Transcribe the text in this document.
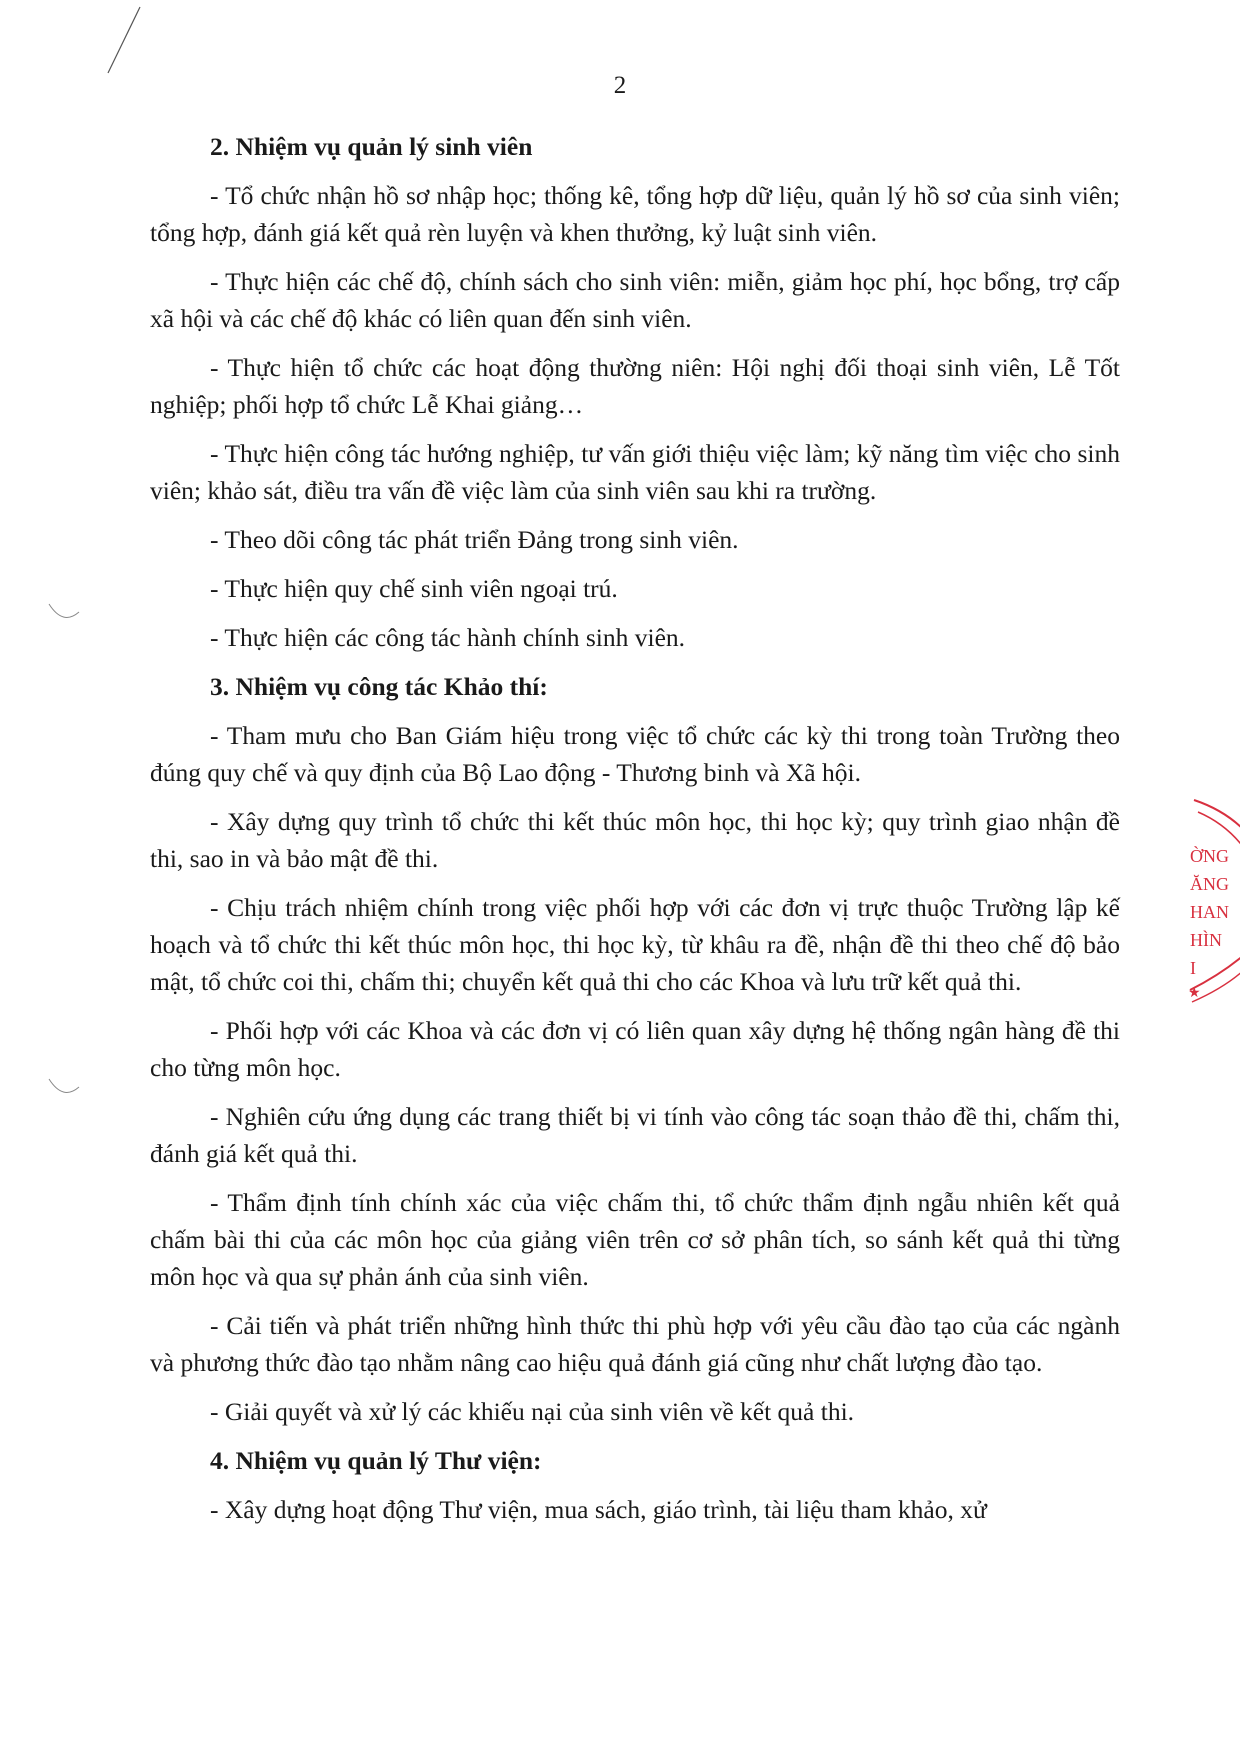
2
2. Nhiệm vụ quản lý sinh viên

- Tổ chức nhận hồ sơ nhập học; thống kê, tổng hợp dữ liệu, quản lý hồ sơ của sinh viên; tổng hợp, đánh giá kết quả rèn luyện và khen thưởng, kỷ luật sinh viên.

- Thực hiện các chế độ, chính sách cho sinh viên: miễn, giảm học phí, học bổng, trợ cấp xã hội và các chế độ khác có liên quan đến sinh viên.

- Thực hiện tổ chức các hoạt động thường niên: Hội nghị đối thoại sinh viên, Lễ Tốt nghiệp; phối hợp tổ chức Lễ Khai giảng…

- Thực hiện công tác hướng nghiệp, tư vấn giới thiệu việc làm; kỹ năng tìm việc cho sinh viên; khảo sát, điều tra vấn đề việc làm của sinh viên sau khi ra trường.

- Theo dõi công tác phát triển Đảng trong sinh viên.

- Thực hiện quy chế sinh viên ngoại trú.

- Thực hiện các công tác hành chính sinh viên.

3. Nhiệm vụ công tác Khảo thí:

- Tham mưu cho Ban Giám hiệu trong việc tổ chức các kỳ thi trong toàn Trường theo đúng quy chế và quy định của Bộ Lao động - Thương binh và Xã hội.

- Xây dựng quy trình tổ chức thi kết thúc môn học, thi học kỳ; quy trình giao nhận đề thi, sao in và bảo mật đề thi.

- Chịu trách nhiệm chính trong việc phối hợp với các đơn vị trực thuộc Trường lập kế hoạch và tổ chức thi kết thúc môn học, thi học kỳ, từ khâu ra đề, nhận đề thi theo chế độ bảo mật, tổ chức coi thi, chấm thi; chuyển kết quả thi cho các Khoa và lưu trữ kết quả thi.

- Phối hợp với các Khoa và các đơn vị có liên quan xây dựng hệ thống ngân hàng đề thi cho từng môn học.

- Nghiên cứu ứng dụng các trang thiết bị vi tính vào công tác soạn thảo đề thi, chấm thi, đánh giá kết quả thi.

- Thẩm định tính chính xác của việc chấm thi, tổ chức thẩm định ngẫu nhiên kết quả chấm bài thi của các môn học của giảng viên trên cơ sở phân tích, so sánh kết quả thi từng môn học và qua sự phản ánh của sinh viên.

- Cải tiến và phát triển những hình thức thi phù hợp với yêu cầu đào tạo của các ngành và phương thức đào tạo nhằm nâng cao hiệu quả đánh giá cũng như chất lượng đào tạo.

- Giải quyết và xử lý các khiếu nại của sinh viên về kết quả thi.

4. Nhiệm vụ quản lý Thư viện:

- Xây dựng hoạt động Thư viện, mua sách, giáo trình, tài liệu tham khảo, xử

★
ỜNG
ĂNG
HAN
HÌN
I
